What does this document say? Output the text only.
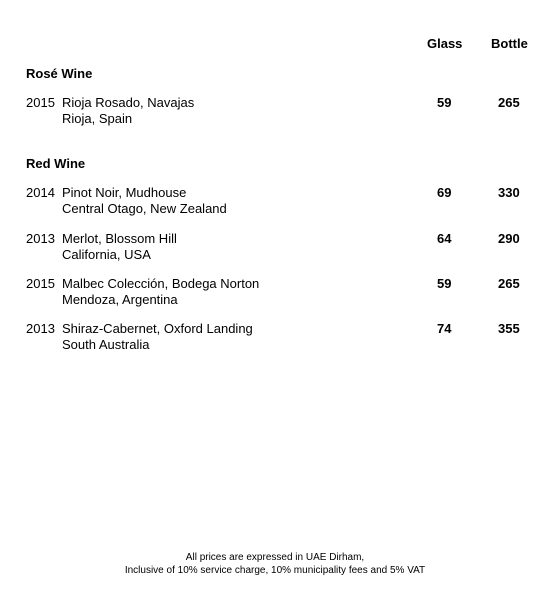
Glass Bottle
Rosé Wine
2015 Rioja Rosado, Navajas
Rioja, Spain
59	265
Red Wine
2014 Pinot Noir, Mudhouse
Central Otago, New Zealand
69	330
2013 Merlot, Blossom Hill
California, USA
64	290
2015 Malbec Colección, Bodega Norton
Mendoza, Argentina
59	265
2013 Shiraz-Cabernet, Oxford Landing
South Australia
74	355
All prices are expressed in UAE Dirham,
Inclusive of 10% service charge, 10% municipality fees and 5% VAT
